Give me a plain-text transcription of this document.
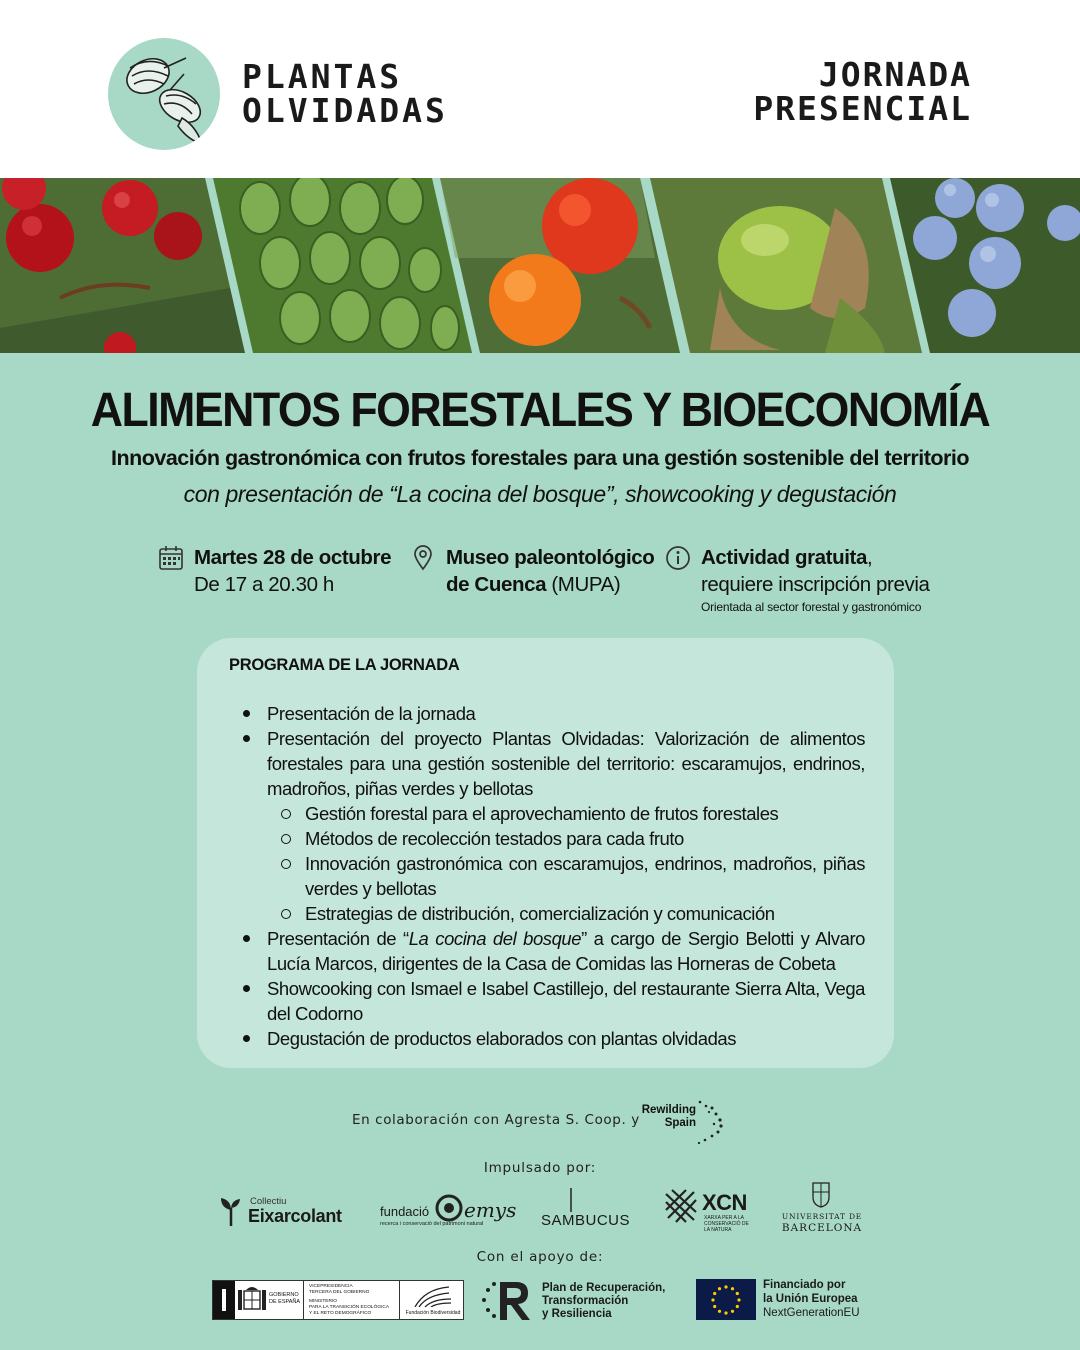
PLANTAS
OLVIDADAS
JORNADA
PRESENCIAL
ALIMENTOS FORESTALES Y BIOECONOMÍA
Innovación gastronómica con frutos forestales para una gestión sostenible del territorio
con presentación de “La cocina del bosque”, showcooking y degustación
Martes 28 de octubre
De 17 a 20.30 h
Museo paleontológico
de Cuenca (MUPA)
Actividad gratuita,
requiere inscripción previa
Orientada al sector forestal y gastronómico
PROGRAMA DE LA JORNADA
Presentación de la jornada
Presentación del proyecto Plantas Olvidadas: Valorización de alimentos forestales para una gestión sostenible del territorio: escaramujos, endrinos, madroños, piñas verdes y bellotas
Gestión forestal para el aprovechamiento de frutos forestales
Métodos de recolección testados para cada fruto
Innovación gastronómica con escaramujos, endrinos, madroños, piñas verdes y bellotas
Estrategias de distribución, comercialización y comunicación
Presentación de “La cocina del bosque” a cargo de Sergio Belotti y Alvaro Lucía Marcos, dirigentes de la Casa de Comidas las Horneras de Cobeta
Showcooking con Ismael e Isabel Castillejo, del restaurante Sierra Alta, Vega del Codorno
Degustación de productos elaborados con plantas olvidadas
En colaboración con Agresta S. Coop. y
Rewilding
Spain
Impulsado por:
Collectiu
Eixarcolant	fundació emys
recerca i conservació del patrimoni natural	SAMBUCUS
XCN
XARXA PER A LA
CONSERVACIÓ DE
LA NATURA
UNIVERSITAT DE
BARCELONA
Con el apoyo de:
GOBIERNO
DE ESPAÑA
VICEPRESIDENCIA
TERCERA DEL GOBIERNO
MINISTERIO
PARA LA TRANSICIÓN ECOLÓGICA
Y EL RETO DEMOGRÁFICO	Fundación Biodiversidad
Plan de Recuperación,
Transformación
y Resiliencia
Financiado por
la Unión Europea
NextGenerationEU
